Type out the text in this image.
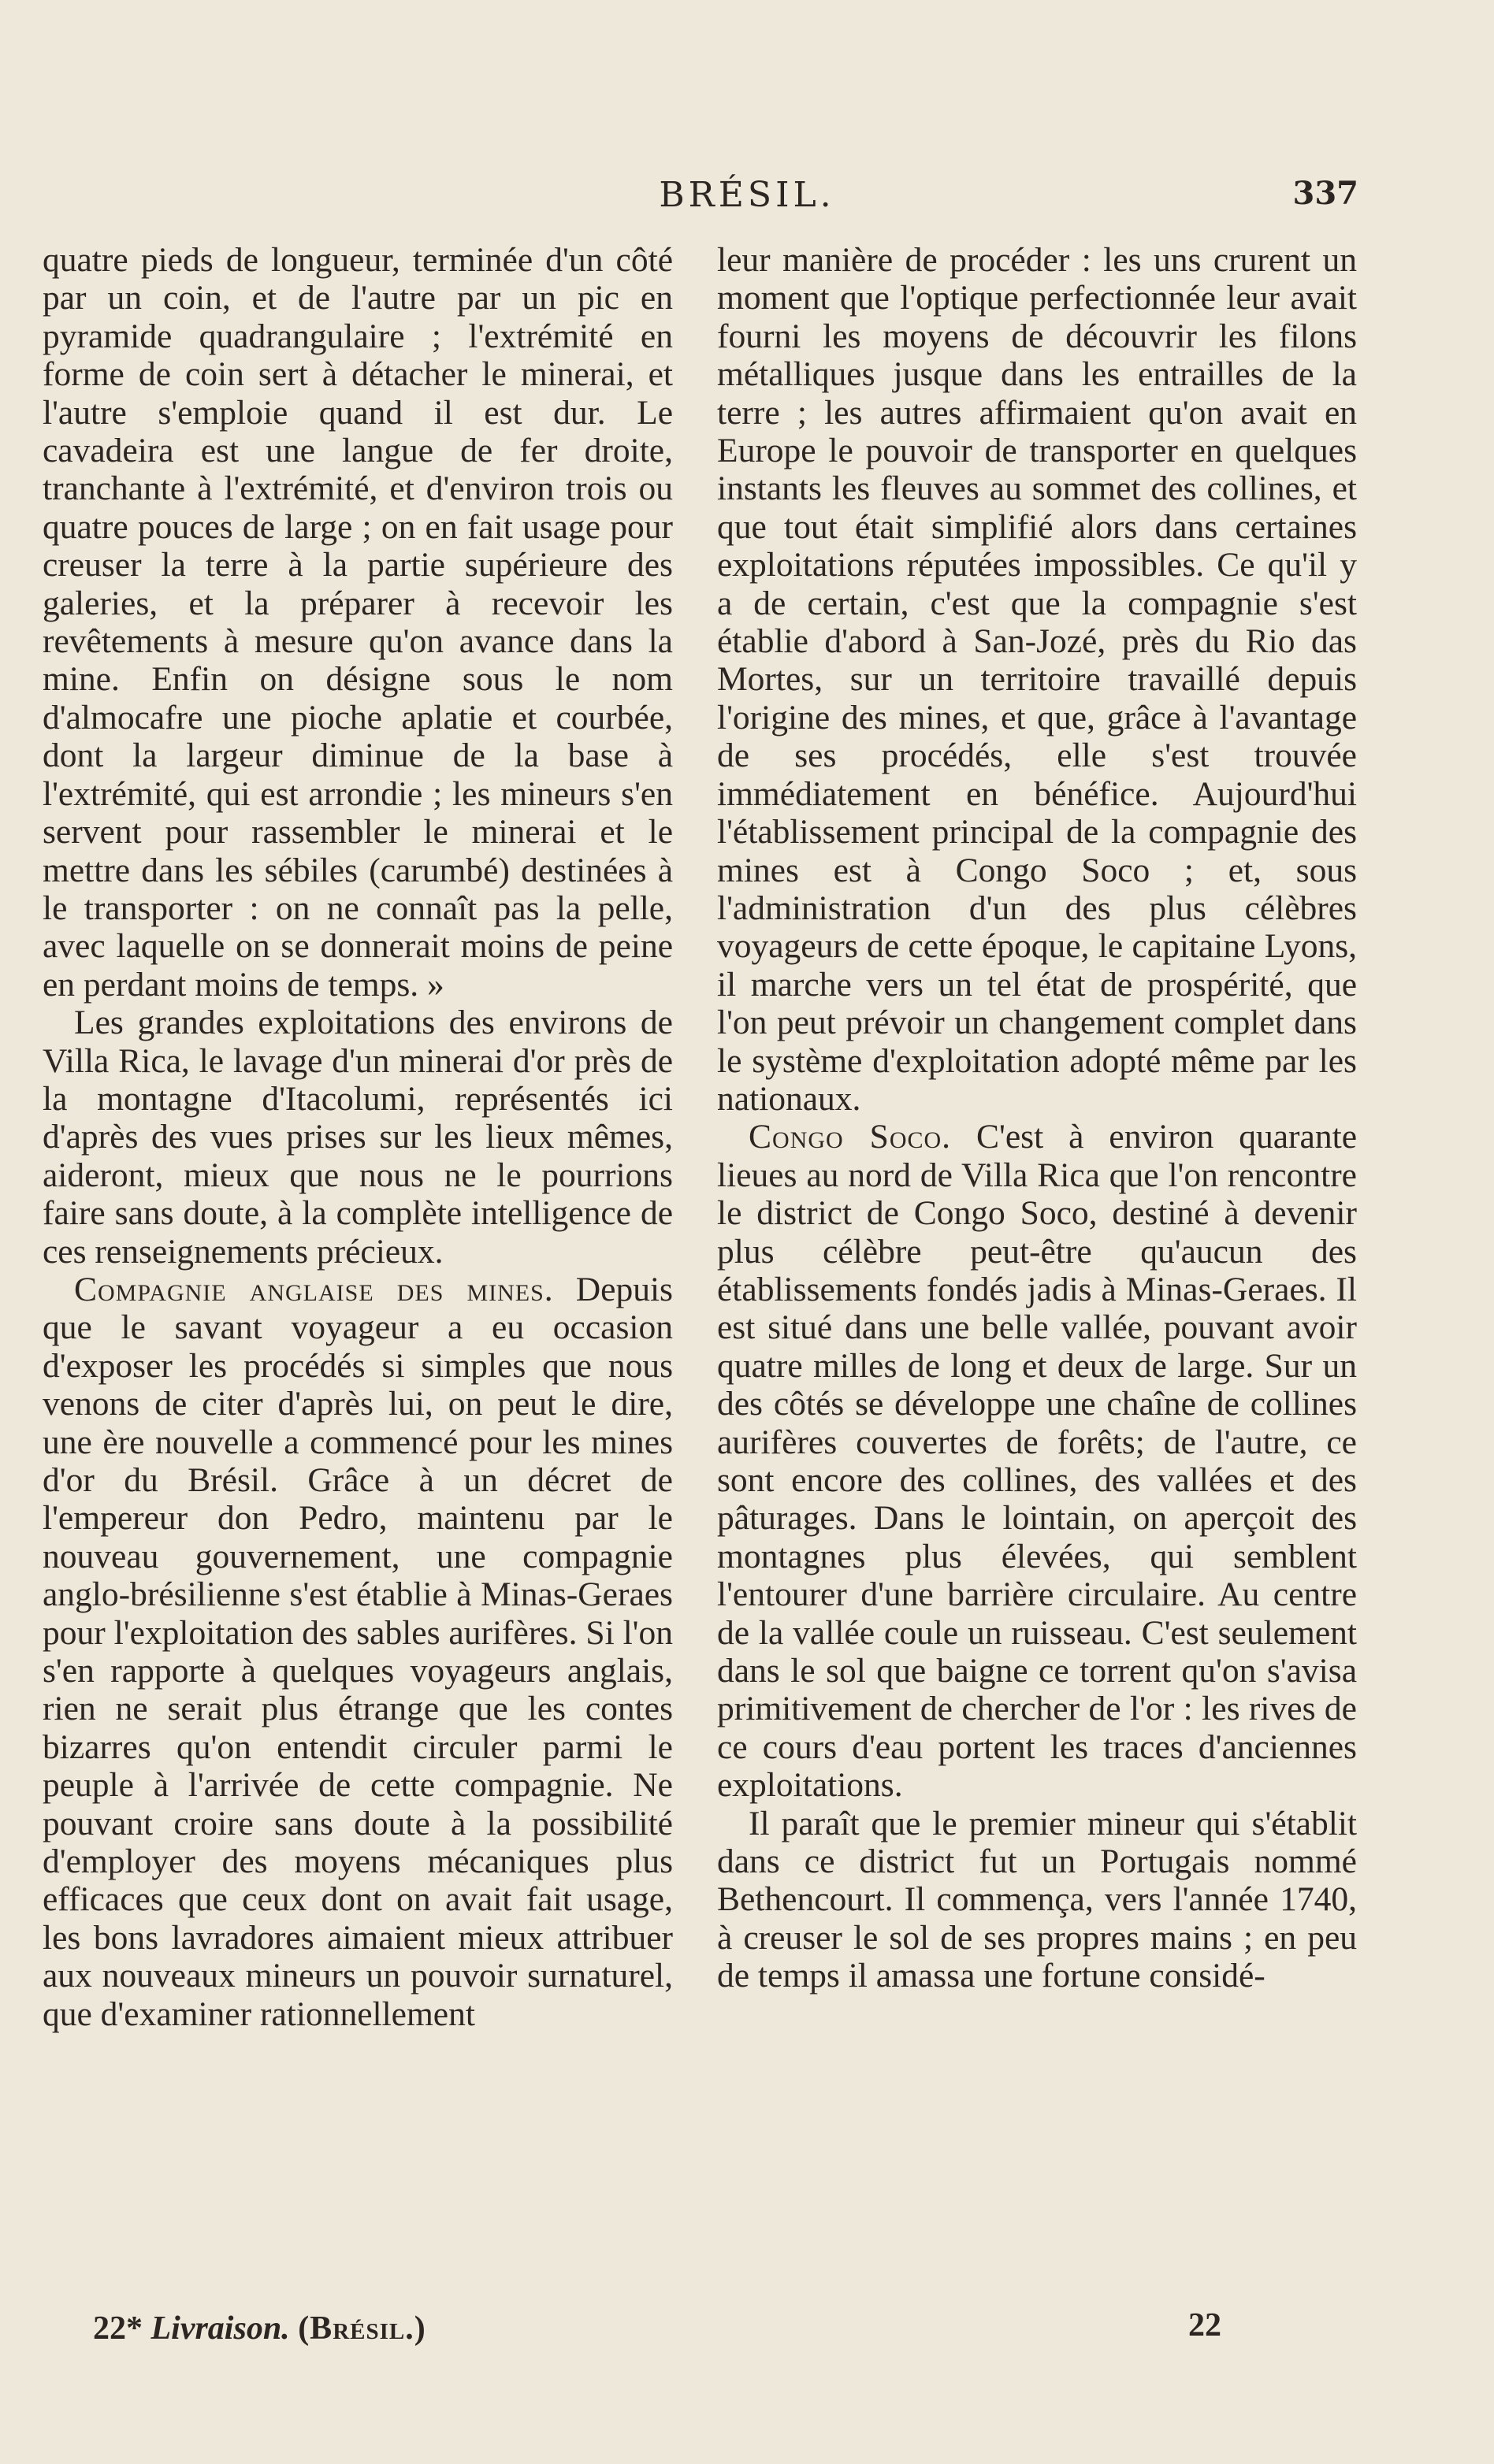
BRÉSIL.	337

quatre pieds de longueur, terminée d'un côté par un coin, et de l'autre par un pic en pyramide quadrangulaire ; l'extrémité en forme de coin sert à détacher le minerai, et l'autre s'emploie quand il est dur. Le cavadeira est une langue de fer droite, tranchante à l'extrémité, et d'environ trois ou quatre pouces de large ; on en fait usage pour creuser la terre à la partie supérieure des galeries, et la préparer à recevoir les revêtements à mesure qu'on avance dans la mine. Enfin on désigne sous le nom d'almocafre une pioche aplatie et courbée, dont la largeur diminue de la base à l'extrémité, qui est arrondie ; les mineurs s'en servent pour rassembler le minerai et le mettre dans les sébiles (carumbé) destinées à le transporter : on ne connaît pas la pelle, avec laquelle on se donnerait moins de peine en perdant moins de temps. »

Les grandes exploitations des environs de Villa Rica, le lavage d'un minerai d'or près de la montagne d'Itacolumi, représentés ici d'après des vues prises sur les lieux mêmes, aideront, mieux que nous ne le pourrions faire sans doute, à la complète intelligence de ces renseignements précieux.

Compagnie anglaise des mines. Depuis que le savant voyageur a eu occasion d'exposer les procédés si simples que nous venons de citer d'après lui, on peut le dire, une ère nouvelle a commencé pour les mines d'or du Brésil. Grâce à un décret de l'empereur don Pedro, maintenu par le nouveau gouvernement, une compagnie anglo-brésilienne s'est établie à Minas-Geraes pour l'exploitation des sables aurifères. Si l'on s'en rapporte à quelques voyageurs anglais, rien ne serait plus étrange que les contes bizarres qu'on entendit circuler parmi le peuple à l'arrivée de cette compagnie. Ne pouvant croire sans doute à la possibilité d'employer des moyens mécaniques plus efficaces que ceux dont on avait fait usage, les bons lavradores aimaient mieux attribuer aux nouveaux mineurs un pouvoir surnaturel, que d'examiner rationnellement

leur manière de procéder : les uns crurent un moment que l'optique perfectionnée leur avait fourni les moyens de découvrir les filons métalliques jusque dans les entrailles de la terre ; les autres affirmaient qu'on avait en Europe le pouvoir de transporter en quelques instants les fleuves au sommet des collines, et que tout était simplifié alors dans certaines exploitations réputées impossibles. Ce qu'il y a de certain, c'est que la compagnie s'est établie d'abord à San-Jozé, près du Rio das Mortes, sur un territoire travaillé depuis l'origine des mines, et que, grâce à l'avantage de ses procédés, elle s'est trouvée immédiatement en bénéfice. Aujourd'hui l'établissement principal de la compagnie des mines est à Congo Soco ; et, sous l'administration d'un des plus célèbres voyageurs de cette époque, le capitaine Lyons, il marche vers un tel état de prospérité, que l'on peut prévoir un changement complet dans le système d'exploitation adopté même par les nationaux.

Congo Soco. C'est à environ quarante lieues au nord de Villa Rica que l'on rencontre le district de Congo Soco, destiné à devenir plus célèbre peut-être qu'aucun des établissements fondés jadis à Minas-Geraes. Il est situé dans une belle vallée, pouvant avoir quatre milles de long et deux de large. Sur un des côtés se développe une chaîne de collines aurifères couvertes de forêts; de l'autre, ce sont encore des collines, des vallées et des pâturages. Dans le lointain, on aperçoit des montagnes plus élevées, qui semblent l'entourer d'une barrière circulaire. Au centre de la vallée coule un ruisseau. C'est seulement dans le sol que baigne ce torrent qu'on s'avisa primitivement de chercher de l'or : les rives de ce cours d'eau portent les traces d'anciennes exploitations.

Il paraît que le premier mineur qui s'établit dans ce district fut un Portugais nommé Bethencourt. Il commença, vers l'année 1740, à creuser le sol de ses propres mains ; en peu de temps il amassa une fortune considé-

22* Livraison. (Brésil.)	22
